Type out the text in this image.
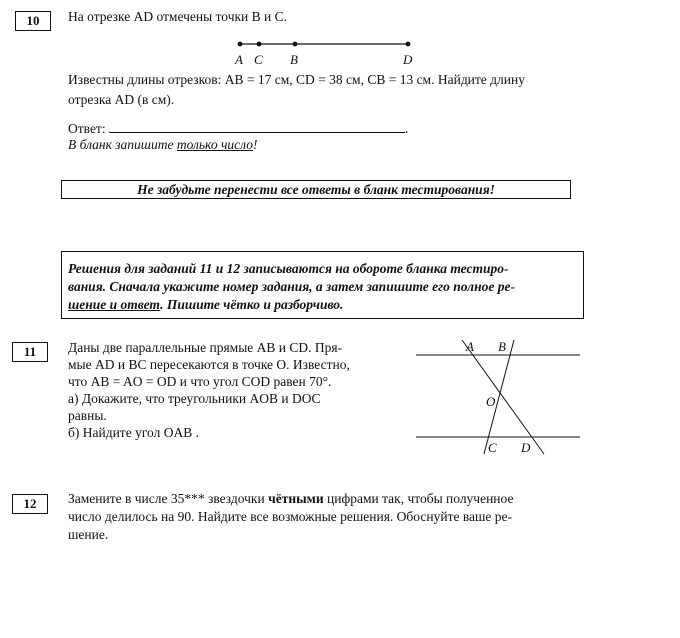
10	На отрезке AD отмечены точки B и C.
A C B	D
Известны длины отрезков: AB = 17 см, CD = 38 см, CB = 13 см. Найдите длину
отрезка AD (в см).
Ответ:	.
В бланк запишите только число!
Не забудьте перенести все ответы в бланк тестирования!
Решения для заданий 11 и 12 записываются на обороте бланка тестиро-
вания. Сначала укажите номер задания, а затем запишите его полное ре-
шение и ответ. Пишите чётко и разборчиво.
11	Даны две параллельные прямые AB и CD. Пря-
мые AD и BC пересекаются в точке O. Известно,
что AB = AO = OD и что угол COD равен 70°.
а) Докажите, что треугольники AOB и DOC
равны.
б) Найдите угол OAB .
A B
O
C D
12	Замените в числе 35*** звездочки чётными цифрами так, чтобы полученное
число делилось на 90. Найдите все возможные решения. Обоснуйте ваше ре-
шение.
